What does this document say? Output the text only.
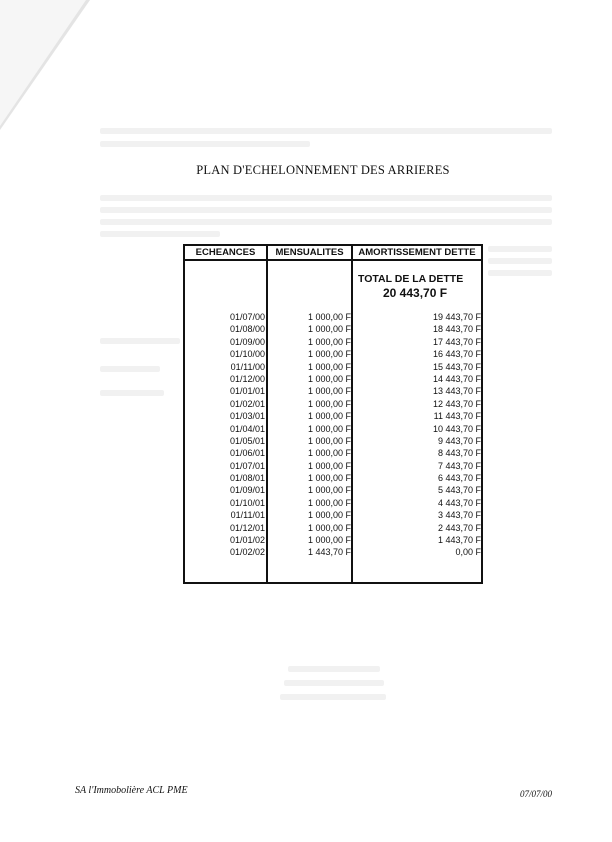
PLAN D'ECHELONNEMENT DES ARRIERES
ECHEANCES	MENSUALITES	AMORTISSEMENT DETTE
TOTAL DE LA DETTE
20 443,70 F
01/07/00	1 000,00 F	19 443,70 F
01/08/00	1 000,00 F	18 443,70 F
01/09/00	1 000,00 F	17 443,70 F
01/10/00	1 000,00 F	16 443,70 F
01/11/00	1 000,00 F	15 443,70 F
01/12/00	1 000,00 F	14 443,70 F
01/01/01	1 000,00 F	13 443,70 F
01/02/01	1 000,00 F	12 443,70 F
01/03/01	1 000,00 F	11 443,70 F
01/04/01	1 000,00 F	10 443,70 F
01/05/01	1 000,00 F	9 443,70 F
01/06/01	1 000,00 F	8 443,70 F
01/07/01	1 000,00 F	7 443,70 F
01/08/01	1 000,00 F	6 443,70 F
01/09/01	1 000,00 F	5 443,70 F
01/10/01	1 000,00 F	4 443,70 F
01/11/01	1 000,00 F	3 443,70 F
01/12/01	1 000,00 F	2 443,70 F
01/01/02	1 000,00 F	1 443,70 F
01/02/02	1 443,70 F	0,00 F
SA l'Immobolière ACL PME	07/07/00
